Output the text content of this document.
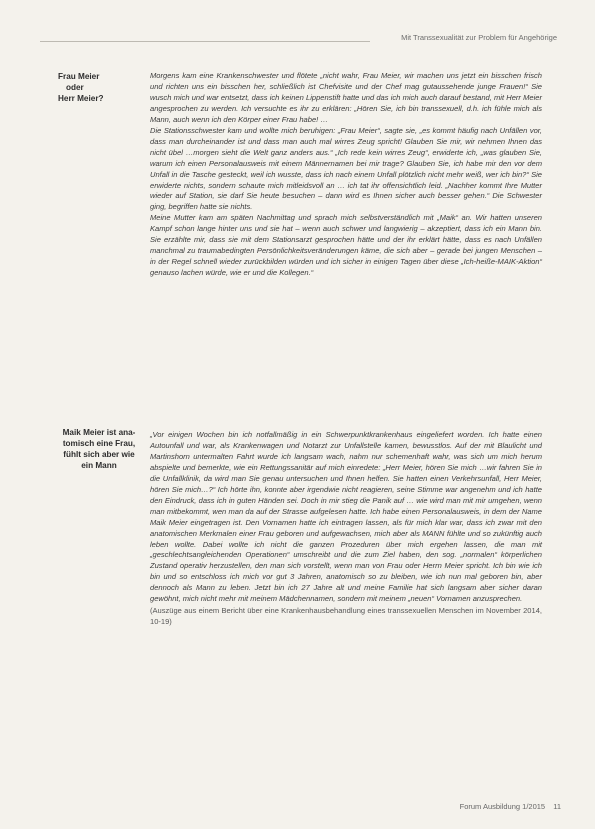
Mit Transsexualität zur Problem für Angehörige
Frau Meier
oder
Herr Meier?

Morgens kam eine Krankenschwester und flötete „nicht wahr, Frau Meier, wir machen uns jetzt ein bisschen frisch und richten uns ein bisschen her, schließlich ist Chefvisite und der Chef mag gutaussehende junge Frauen!“ Sie wusch mich und war entsetzt, dass ich keinen Lippenstift hatte und das ich mich auch darauf bestand, mit Herr Meier angesprochen zu werden. Ich versuchte es ihr zu erklären: „Hören Sie, ich bin transsexuell, d.h. ich fühle mich als Mann, auch wenn ich den Körper einer Frau habe! …

Die Stationsschwester kam und wollte mich beruhigen: „Frau Meier“, sagte sie, „es kommt häufig nach Unfällen vor, dass man durcheinander ist und dass man auch mal wirres Zeug spricht! Glauben Sie mir, wir nehmen Ihnen das nicht übel …morgen sieht die Welt ganz anders aus.“ „Ich rede kein wirres Zeug“, erwiderte ich, „was glauben Sie, warum ich einen Personalausweis mit einem Männernamen bei mir trage? Glauben Sie, ich habe mir den vor dem Unfall in die Tasche gesteckt, weil ich wusste, dass ich nach einem Unfall plötzlich nicht mehr weiß, wer ich bin?“ Sie erwiderte nichts, sondern schaute mich mitleidsvoll an … ich tat ihr offensichtlich leid. „Nachher kommt Ihre Mutter wieder auf Station, sie darf Sie heute besuchen – dann wird es Ihnen sicher auch besser gehen.“ Die Schwester ging, begriffen hatte sie nichts.

Meine Mutter kam am späten Nachmittag und sprach mich selbstverständlich mit „Maik“ an. Wir hatten unseren Kampf schon lange hinter uns und sie hat – wenn auch schwer und langwierig – akzeptiert, dass ich ein Mann bin. Sie erzählte mir, dass sie mit dem Stationsarzt gesprochen hätte und der ihr erklärt hätte, dass es nach Unfällen manchmal zu traumabedingten Persönlichkeitsveränderungen käme, die sich aber – gerade bei jungen Menschen – in der Regel schnell wieder zurückbilden würden und ich sicher in einigen Tagen über diese „Ich-heiße-MAIK-Aktion“ genauso lachen würde, wie er und die Kollegen.“

Maik Meier ist ana-
tomisch eine Frau,
fühlt sich aber wie
ein Mann

„Vor einigen Wochen bin ich notfallmäßig in ein Schwerpunktkrankenhaus eingeliefert worden. Ich hatte einen Autounfall und war, als Krankenwagen und Notarzt zur Unfallstelle kamen, bewusstlos. Auf der mit Blaulicht und Martinshorn untermalten Fahrt wurde ich langsam wach, nahm nur schemenhaft wahr, was sich um mich herum abspielte und bemerkte, wie ein Rettungssanitär auf mich einredete: „Herr Meier, hören Sie mich …wir fahren Sie in die Unfallklinik, da wird man Sie genau untersuchen und Ihnen helfen. Sie hatten einen Verkehrsunfall, Herr Meier, hören Sie mich…?“ Ich hörte ihn, konnte aber irgendwie nicht reagieren, seine Stimme war angenehm und ich hatte den Eindruck, dass ich in guten Händen sei. Doch in mir stieg die Panik auf … wie wird man mit mir umgehen, wenn man mitbekommt, wen man da auf der Strasse aufgelesen hatte. Ich habe einen Personalausweis, in dem der Name Maik Meier eingetragen ist. Den Vornamen hatte ich eintragen lassen, als für mich klar war, dass ich zwar mit den anatomischen Merkmalen einer Frau geboren und aufgewachsen, mich aber als MANN fühlte und so zukünftig auch leben wollte. Dabei wollte ich nicht die ganzen Prozeduren über mich ergehen lassen, die man mit „geschlechtsangleichenden Operationen“ umschreibt und die zum Ziel haben, den sog. „normalen“ körperlichen Zustand operativ herzustellen, den man sich vorstellt, wenn man von Frau oder Herrn Meier spricht. Ich bin wie ich bin und so entschloss ich mich vor gut 3 Jahren, anatomisch so zu bleiben, wie ich nun mal geboren bin, aber dennoch als Mann zu leben. Jetzt bin ich 27 Jahre alt und meine Familie hat sich langsam aber sicher daran gewöhnt, mich nicht mehr mit meinem Mädchennamen, sondern mit meinem „neuen“ Vornamen anzusprechen.

(Auszüge aus einem Bericht über eine Krankenhausbehandlung eines transsexuellen Menschen im November 2014, 10-19)

Forum Ausbildung 1/2015 11
